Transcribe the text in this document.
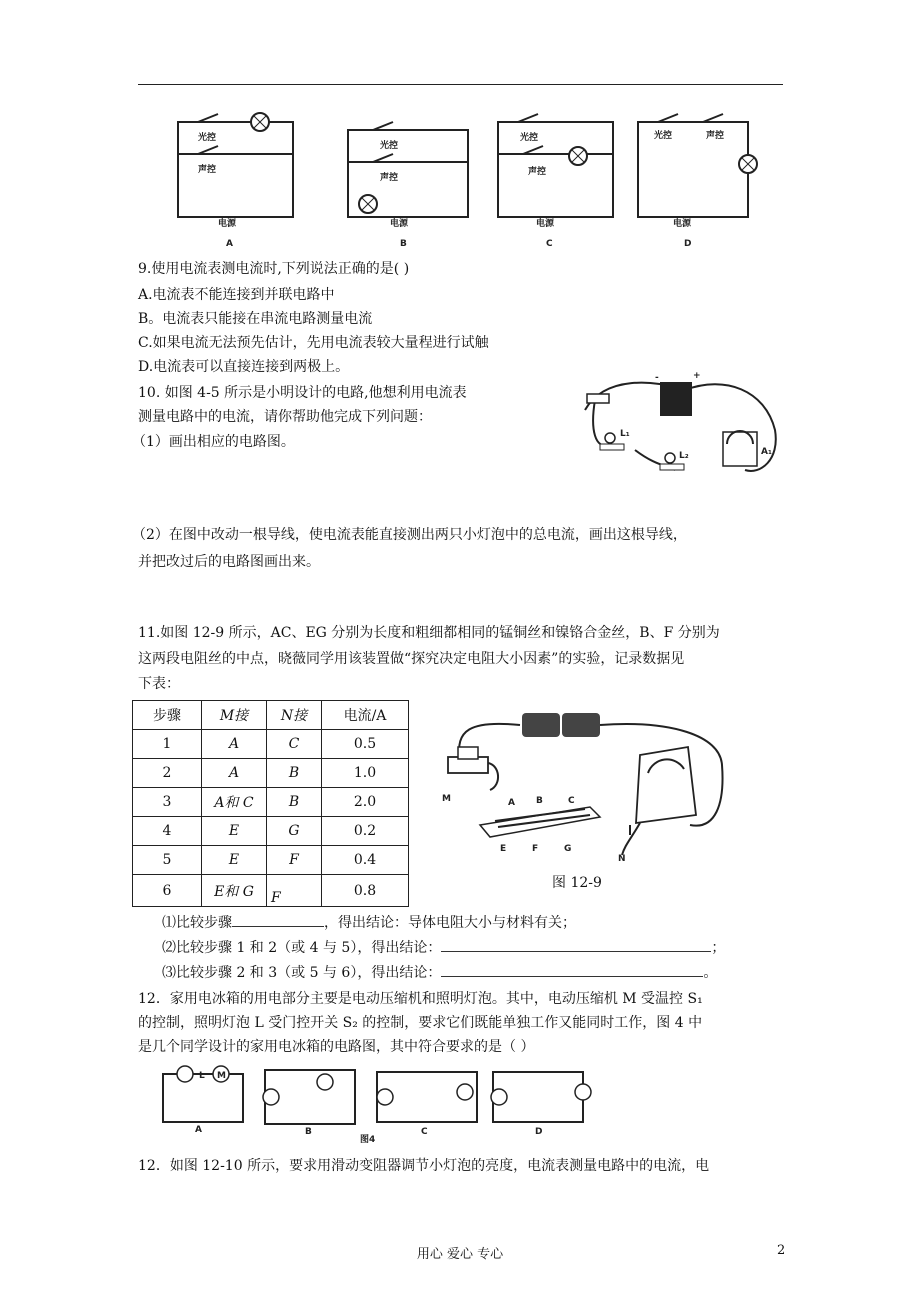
光控
声控
电源
A
光控
声控
电源
B
光控
声控
电源
C
光控	声控
电源
D
9.使用电流表测电流时,下列说法正确的是( )
A.电流表不能连接到并联电路中
B。电流表只能接在串流电路测量电流
C.如果电流无法预先估计，先用电流表较大量程进行试触
D.电流表可以直接连接到两极上。
10. 如图 4-5 所示是小明设计的电路,他想利用电流表
测量电路中的电流，请你帮助他完成下列问题：
（1）画出相应的电路图。
-	+
L₁
L₂	A₁
（2）在图中改动一根导线，使电流表能直接测出两只小灯泡中的总电流，画出这根导线，
并把改过后的电路图画出来。
11.如图 12-9 所示，AC、EG 分别为长度和粗细都相同的锰铜丝和镍铬合金丝，B、F 分别为
这两段电阻丝的中点，晓薇同学用该装置做“探究决定电阻大小因素”的实验，记录数据见
下表：
步骤	M接	N接	电流/A
1	A	C	0.5
2	A	B	1.0
3	A和 C	B	2.0
4	E	G	0.2
5	E	F	0.4
6	E和 G	F	0.8
M	A B	C
E	F	G
N
图 12-9
⑴比较步骤	，得出结论：导体电阻大小与材料有关；
⑵比较步骤 1 和 2（或 4 与 5），得出结论：	；
⑶比较步骤 2 和 3（或 5 与 6），得出结论：	。
12．家用电冰箱的用电部分主要是电动压缩机和照明灯泡。其中，电动压缩机 M 受温控 S₁
的控制，照明灯泡 L 受门控开关 S₂ 的控制，要求它们既能单独工作又能同时工作，图 4 中
是几个同学设计的家用电冰箱的电路图，其中符合要求的是（ ）
L M
A	B	C	D
图4
12．如图 12-10 所示，要求用滑动变阻器调节小灯泡的亮度，电流表测量电路中的电流，电
用心 爱心 专心	2
